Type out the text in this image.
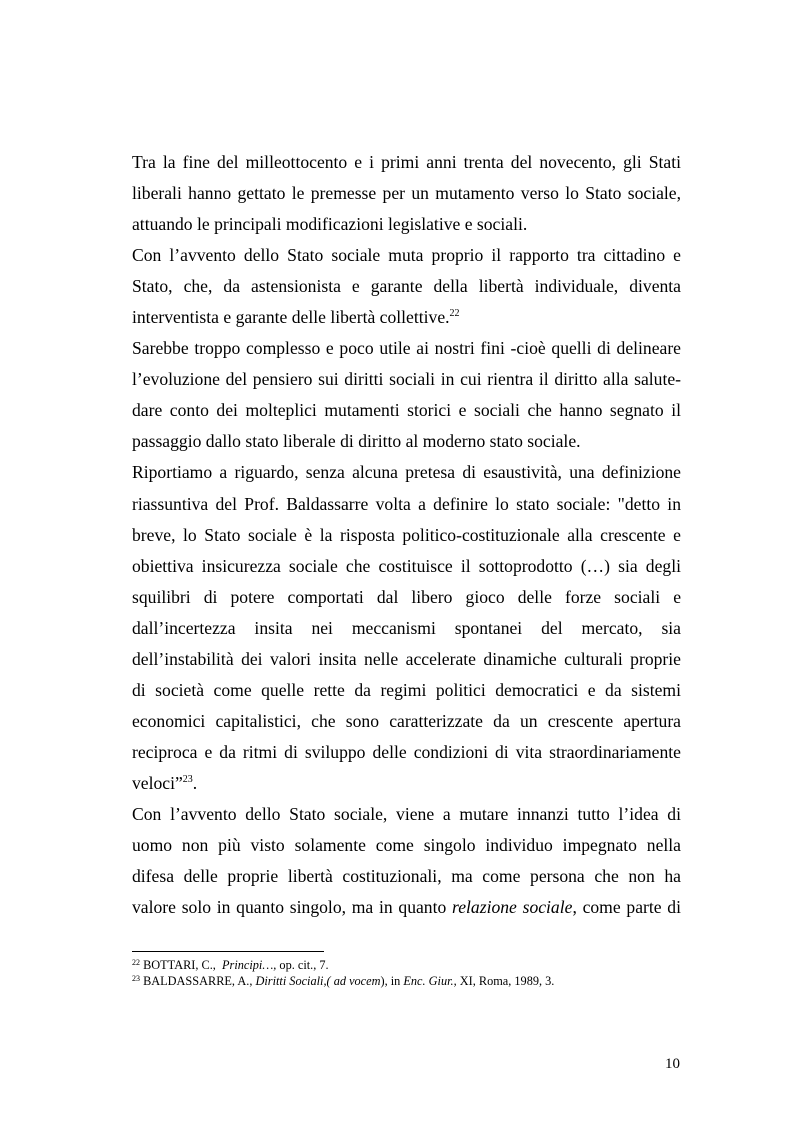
Tra la fine del milleottocento e i primi anni trenta del novecento, gli Stati

liberali hanno gettato le premesse per un mutamento verso lo Stato sociale,

attuando le principali modificazioni legislative e sociali.

Con l’avvento dello Stato sociale muta proprio il rapporto tra cittadino e

Stato, che, da astensionista e garante della libertà individuale, diventa

interventista e garante delle libertà collettive.$^{22}$

Sarebbe troppo complesso e poco utile ai nostri fini -cioè quelli di delineare

l’evoluzione del pensiero sui diritti sociali in cui rientra il diritto alla salute-

dare conto dei molteplici mutamenti storici e sociali che hanno segnato il

passaggio dallo stato liberale di diritto al moderno stato sociale.

Riportiamo a riguardo, senza alcuna pretesa di esaustività, una definizione

riassuntiva del Prof. Baldassarre volta a definire lo stato sociale: "detto in

breve, lo Stato sociale è la risposta politico-costituzionale alla crescente e

obiettiva insicurezza sociale che costituisce il sottoprodotto (…) sia degli

squilibri di potere comportati dal libero gioco delle forze sociali e

dall’incertezza insita nei meccanismi spontanei del mercato, sia

dell’instabilità dei valori insita nelle accelerate dinamiche culturali proprie

di società come quelle rette da regimi politici democratici e da sistemi

economici capitalistici, che sono caratterizzate da un crescente apertura

reciproca e da ritmi di sviluppo delle condizioni di vita straordinariamente

veloci”$^{23}$.

Con l’avvento dello Stato sociale, viene a mutare innanzi tutto l’idea di

uomo non più visto solamente come singolo individuo impegnato nella

difesa delle proprie libertà costituzionali, ma come persona che non ha

valore solo in quanto singolo, ma in quanto relazione sociale, come parte di

$^{22}$ BOTTARI, C., Principi…, op. cit., 7.

$^{23}$ BALDASSARRE, A., Diritti Sociali,( ad vocem), in Enc. Giur., XI, Roma, 1989, 3.

10
